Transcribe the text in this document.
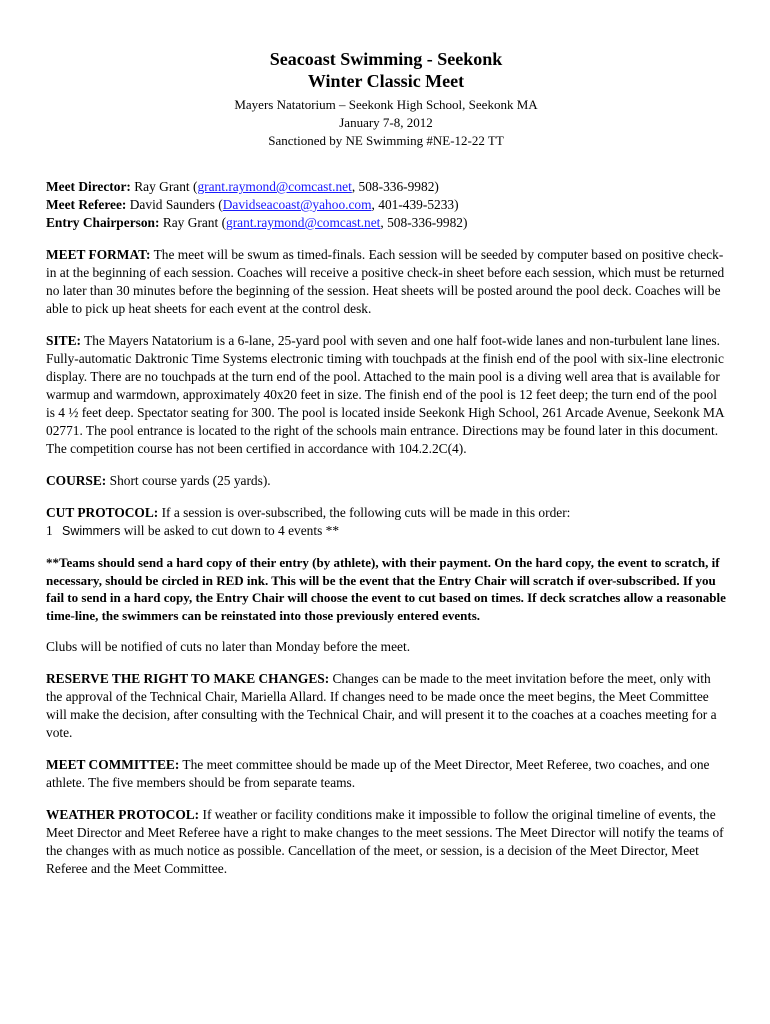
Seacoast Swimming - Seekonk
Winter Classic Meet

Mayers Natatorium – Seekonk High School, Seekonk MA

January 7-8, 2012

Sanctioned by NE Swimming #NE-12-22 TT

Meet Director: Ray Grant (grant.raymond@comcast.net, 508-336-9982)
Meet Referee: David Saunders (Davidseacoast@yahoo.com, 401-439-5233)
Entry Chairperson: Ray Grant (grant.raymond@comcast.net, 508-336-9982)

MEET FORMAT: The meet will be swum as timed-finals. Each session will be seeded by computer based on positive check-in at the beginning of each session. Coaches will receive a positive check-in sheet before each session, which must be returned no later than 30 minutes before the beginning of the session. Heat sheets will be posted around the pool deck. Coaches will be able to pick up heat sheets for each event at the control desk.

SITE: The Mayers Natatorium is a 6-lane, 25-yard pool with seven and one half foot-wide lanes and non-turbulent lane lines. Fully-automatic Daktronic Time Systems electronic timing with touchpads at the finish end of the pool with six-line electronic display. There are no touchpads at the turn end of the pool. Attached to the main pool is a diving well area that is available for warmup and warmdown, approximately 40x20 feet in size. The finish end of the pool is 12 feet deep; the turn end of the pool is 4 ½ feet deep. Spectator seating for 300. The pool is located inside Seekonk High School, 261 Arcade Avenue, Seekonk MA 02771. The pool entrance is located to the right of the schools main entrance. Directions may be found later in this document. The competition course has not been certified in accordance with 104.2.2C(4).

COURSE: Short course yards (25 yards).

CUT PROTOCOL: If a session is over-subscribed, the following cuts will be made in this order:

1 Swimmers will be asked to cut down to 4 events **

**Teams should send a hard copy of their entry (by athlete), with their payment. On the hard copy, the event to scratch, if necessary, should be circled in RED ink. This will be the event that the Entry Chair will scratch if over-subscribed. If you fail to send in a hard copy, the Entry Chair will choose the event to cut based on times. If deck scratches allow a reasonable time-line, the swimmers can be reinstated into those previously entered events.

Clubs will be notified of cuts no later than Monday before the meet.

RESERVE THE RIGHT TO MAKE CHANGES: Changes can be made to the meet invitation before the meet, only with the approval of the Technical Chair, Mariella Allard. If changes need to be made once the meet begins, the Meet Committee will make the decision, after consulting with the Technical Chair, and will present it to the coaches at a coaches meeting for a vote.

MEET COMMITTEE: The meet committee should be made up of the Meet Director, Meet Referee, two coaches, and one athlete. The five members should be from separate teams.

WEATHER PROTOCOL: If weather or facility conditions make it impossible to follow the original timeline of events, the Meet Director and Meet Referee have a right to make changes to the meet sessions. The Meet Director will notify the teams of the changes with as much notice as possible. Cancellation of the meet, or session, is a decision of the Meet Director, Meet Referee and the Meet Committee.
